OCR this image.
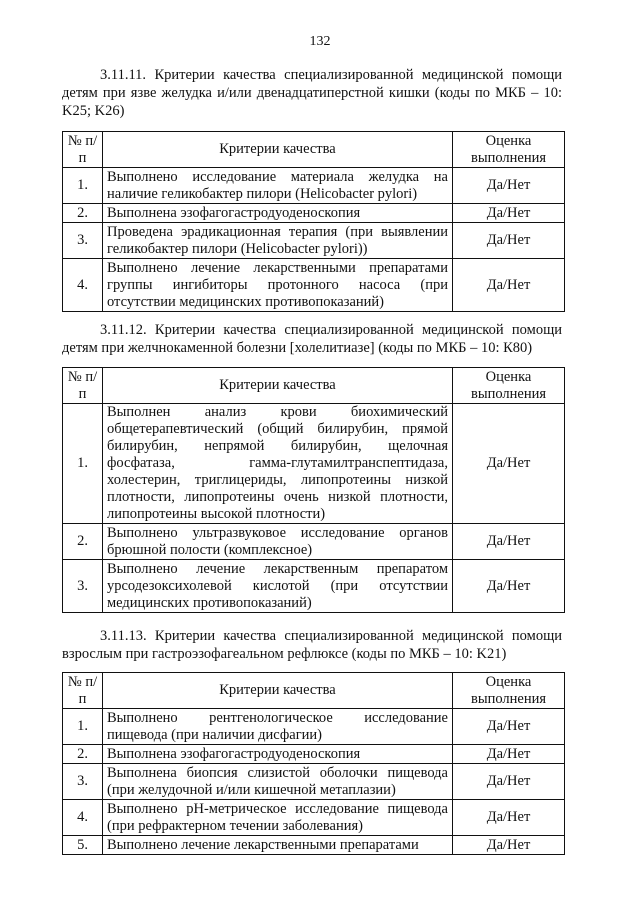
132
3.11.11. Критерии качества специализированной медицинской помощи детям при язве желудка и/или двенадцатиперстной кишки (коды по МКБ – 10: K25; K26)
№ п/п	Критерии качества	Оценка выполнения
1.	Выполнено исследование материала желудка на наличие геликобактер пилори (Helicobacter pylori)	Да/Нет
2.	Выполнена эзофагогастродуоденоскопия	Да/Нет
3.	Проведена эрадикационная терапия (при выявлении геликобактер пилори (Helicobacter pylori))	Да/Нет
4.	Выполнено лечение лекарственными препаратами группы ингибиторы протонного насоса (при отсутствии медицинских противопоказаний)	Да/Нет
3.11.12. Критерии качества специализированной медицинской помощи детям при желчнокаменной болезни [холелитиазе] (коды по МКБ – 10: К80)
№ п/п	Критерии качества	Оценка выполнения
1.	Выполнен анализ крови биохимический общетерапевтический (общий билирубин, прямой билирубин, непрямой билирубин, щелочная фосфатаза, гамма-глутамилтранспептидаза, холестерин, триглицериды, липопротеины низкой плотности, липопротеины очень низкой плотности, липопротеины высокой плотности)	Да/Нет
2.	Выполнено ультразвуковое исследование органов брюшной полости (комплексное)	Да/Нет
3.	Выполнено лечение лекарственным препаратом урсодезоксихолевой кислотой (при отсутствии медицинских противопоказаний)	Да/Нет
3.11.13. Критерии качества специализированной медицинской помощи взрослым при гастроэзофагеальном рефлюксе (коды по МКБ – 10: K21)
№ п/п	Критерии качества	Оценка выполнения
1.	Выполнено рентгенологическое исследование пищевода (при наличии дисфагии)	Да/Нет
2.	Выполнена эзофагогастродуоденоскопия	Да/Нет
3.	Выполнена биопсия слизистой оболочки пищевода (при желудочной и/или кишечной метаплазии)	Да/Нет
4.	Выполнено рН-метрическое исследование пищевода (при рефрактерном течении заболевания)	Да/Нет
5.	Выполнено лечение лекарственными препаратами	Да/Нет
